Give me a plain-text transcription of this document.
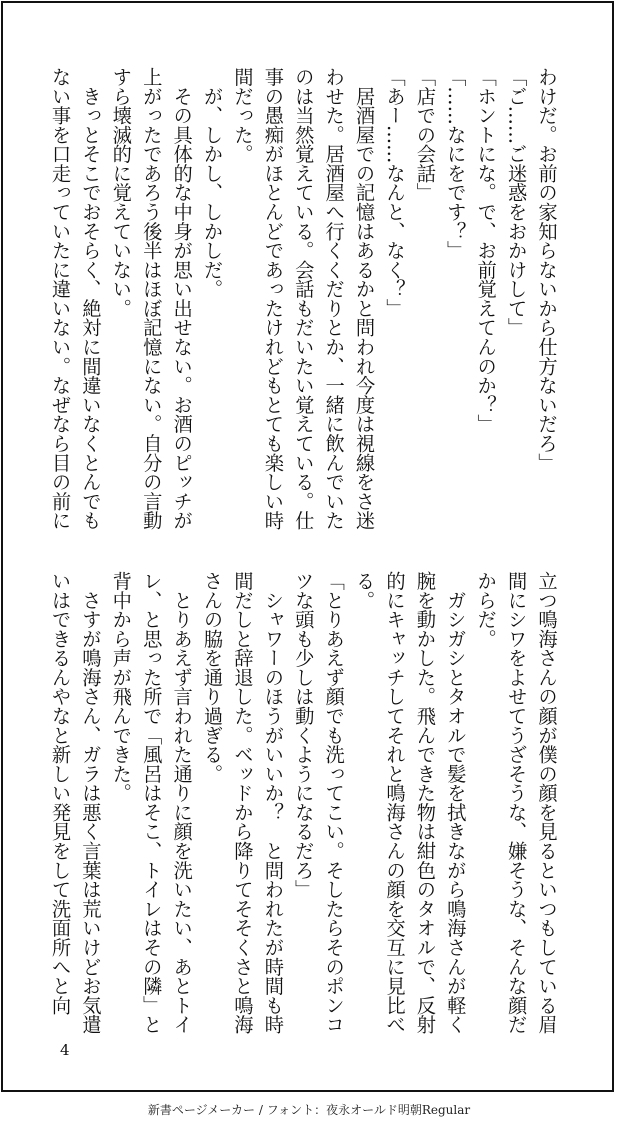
わけだ。お前の家知らないから仕方ないだろ」
「ご……ご迷惑をおかけして」
「ホントにな。で、お前覚えてんのか？」
「……なにをです？」
「店での会話」
「あー……なんと、なく？」
　居酒屋での記憶はあるかと問われ今度は視線をさ迷
わせた。居酒屋へ行くくだりとか、一緒に飲んでいた
のは当然覚えている。会話もだいたい覚えている。仕
事の愚痴がほとんどであったけれどもとても楽しい時
間だった。
　が、しかし、しかしだ。
　その具体的な中身が思い出せない。お酒のピッチが
上がったであろう後半はほぼ記憶にない。自分の言動
すら壊滅的に覚えていない。
　きっとそこでおそらく、絶対に間違いなくとんでも
ない事を口走っていたに違いない。なぜなら目の前に
立つ鳴海さんの顔が僕の顔を見るといつもしている眉
間にシワをよせてうざそうな、嫌そうな、そんな顔だ
からだ。
　ガシガシとタオルで髪を拭きながら鳴海さんが軽く
腕を動かした。飛んできた物は紺色のタオルで、反射
的にキャッチしてそれと鳴海さんの顔を交互に見比べ
る。
「とりあえず顔でも洗ってこい。そしたらそのポンコ
ツな頭も少しは動くようになるだろ」
　シャワーのほうがいいか？　と問われたが時間も時
間だしと辞退した。ベッドから降りてそそくさと鳴海
さんの脇を通り過ぎる。
　とりあえず言われた通りに顔を洗いたい、あとトイ
レ、と思った所で「風呂はそこ、トイレはその隣」と
背中から声が飛んできた。
　さすが鳴海さん、ガラは悪く言葉は荒いけどお気遣
いはできるんやなと新しい発見をして洗面所へと向
4
新書ページメーカー / フォント：夜永オールド明朝Regular
